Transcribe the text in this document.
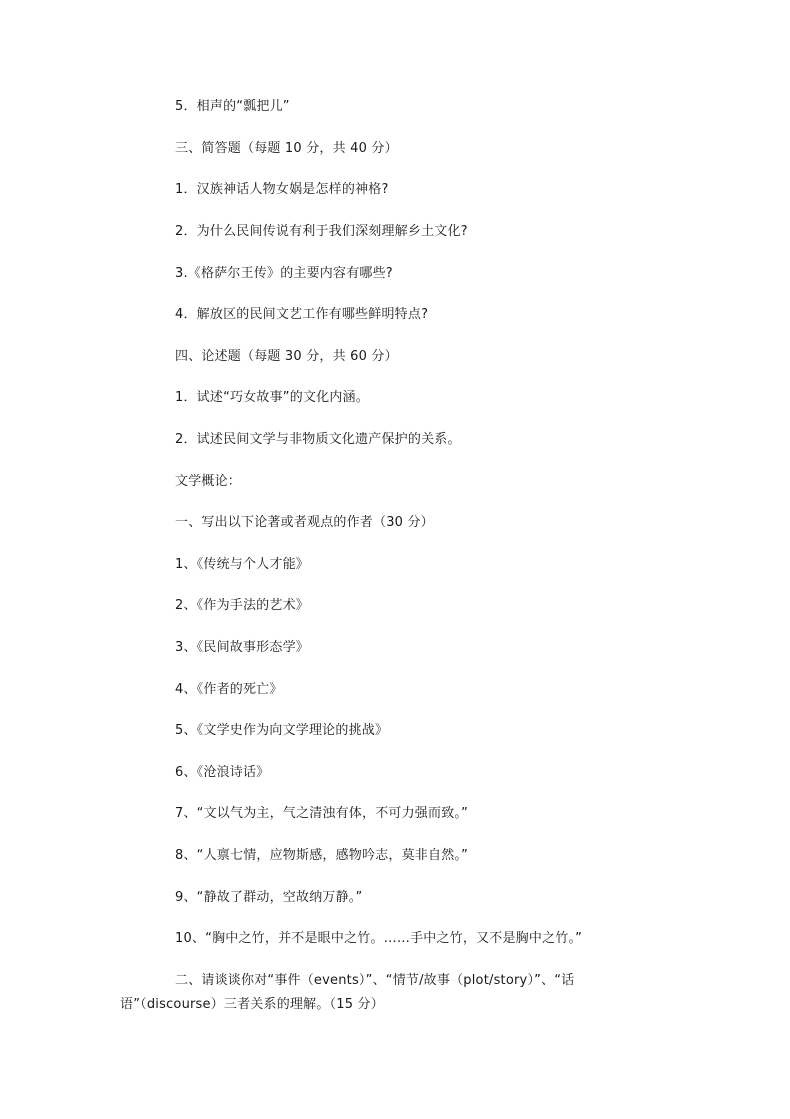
5．相声的“瓢把儿”
三、简答题（每题 10 分，共 40 分）
1．汉族神话人物女娲是怎样的神格?
2．为什么民间传说有利于我们深刻理解乡土文化?
3.《格萨尔王传》的主要内容有哪些?
4．解放区的民间文艺工作有哪些鲜明特点?
四、论述题（每题 30 分，共 60 分）
1．试述“巧女故事”的文化内涵。
2．试述民间文学与非物质文化遗产保护的关系。
文学概论：
一、写出以下论著或者观点的作者（30 分）
1、《传统与个人才能》
2、《作为手法的艺术》
3、《民间故事形态学》
4、《作者的死亡》
5、《文学史作为向文学理论的挑战》
6、《沧浪诗话》
7、“文以气为主，气之清浊有体，不可力强而致。”
8、“人禀七情，应物斯感，感物吟志，莫非自然。”
9、“静故了群动，空故纳万静。”
10、“胸中之竹，并不是眼中之竹。……手中之竹，又不是胸中之竹。”
二、请谈谈你对“事件（events）”、“情节/故事（plot/story）”、“话语”（discourse）三者关系的理解。（15 分）
